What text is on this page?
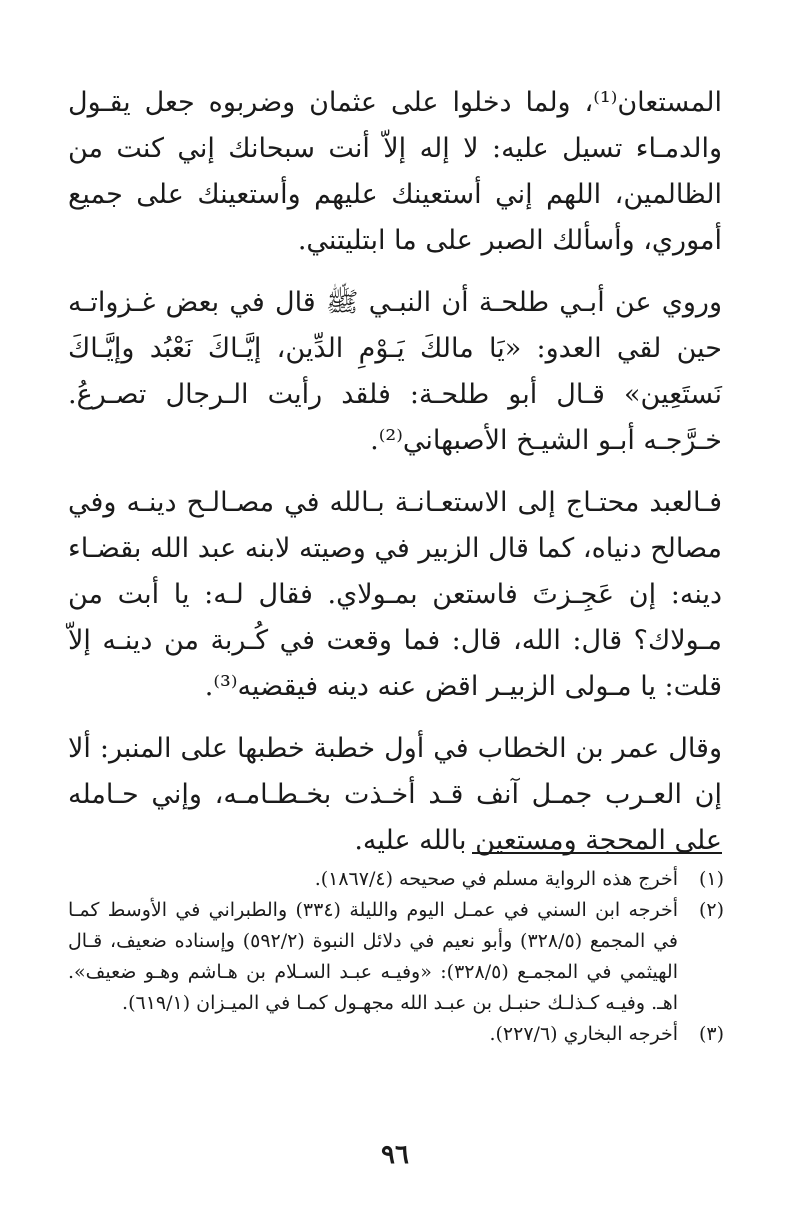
المستعان⁽¹⁾، ولما دخلوا على عثمان وضربوه جعل يقـول والدمـاء تسيل عليه: لا إله إلاّ أنت سبحانك إني كنت من الظالمين، اللهم إني أستعينك عليهم وأستعينك على جميع أموري، وأسألك الصبر على ما ابتليتني.

وروي عن أبـي طلحـة أن النبـي ﷺ قال في بعض غـزواتـه حين لقي العدو: «يَا مالكَ يَـوْمِ الدِّين، إيَّـاكَ نَعْبُد وإيَّـاكَ نَستَعِين» قـال أبو طلحـة: فلقد رأيت الـرجال تصـرعُ. خـرَّجـه أبـو الشيـخ الأصبهاني⁽²⁾.

فـالعبد محتـاج إلى الاستعـانـة بـالله في مصـالـح دينـه وفي مصالح دنياه، كما قال الزبير في وصيته لابنه عبد الله بقضـاء دينه: إن عَجِـزتَ فاستعن بمـولاي. فقال لـه: يا أبت من مـولاك؟ قال: الله، قال: فما وقعت في كُـربة من دينـه إلاّ قلت: يا مـولى الزبيـر اقض عنه دينه فيقضيه⁽³⁾.

وقال عمر بن الخطاب في أول خطبة خطبها على المنبر: ألا إن العـرب جمـل آنف قـد أخـذت بخـطـامـه، وإني حـامله على المحجة ومستعين بالله عليه.

(١)
أخرج هذه الرواية مسلم في صحيحه (١٨٦٧/٤).
(٢)
أخرجه ابن السني في عمـل اليوم والليلة (٣٣٤) والطبراني في الأوسط كمـا في المجمع (٣٢٨/٥) وأبو نعيم في دلائل النبوة (٥٩٢/٢) وإسناده ضعيف، قـال الهيثمي في المجمـع (٣٢٨/٥): «وفيـه عبـد السـلام بن هـاشم وهـو ضعيف». اهـ. وفيـه كـذلـك حنبـل بن عبـد الله مجهـول كمـا في الميـزان (٦١٩/١).
(٣)
أخرجه البخاري (٢٢٧/٦).
٩٦
